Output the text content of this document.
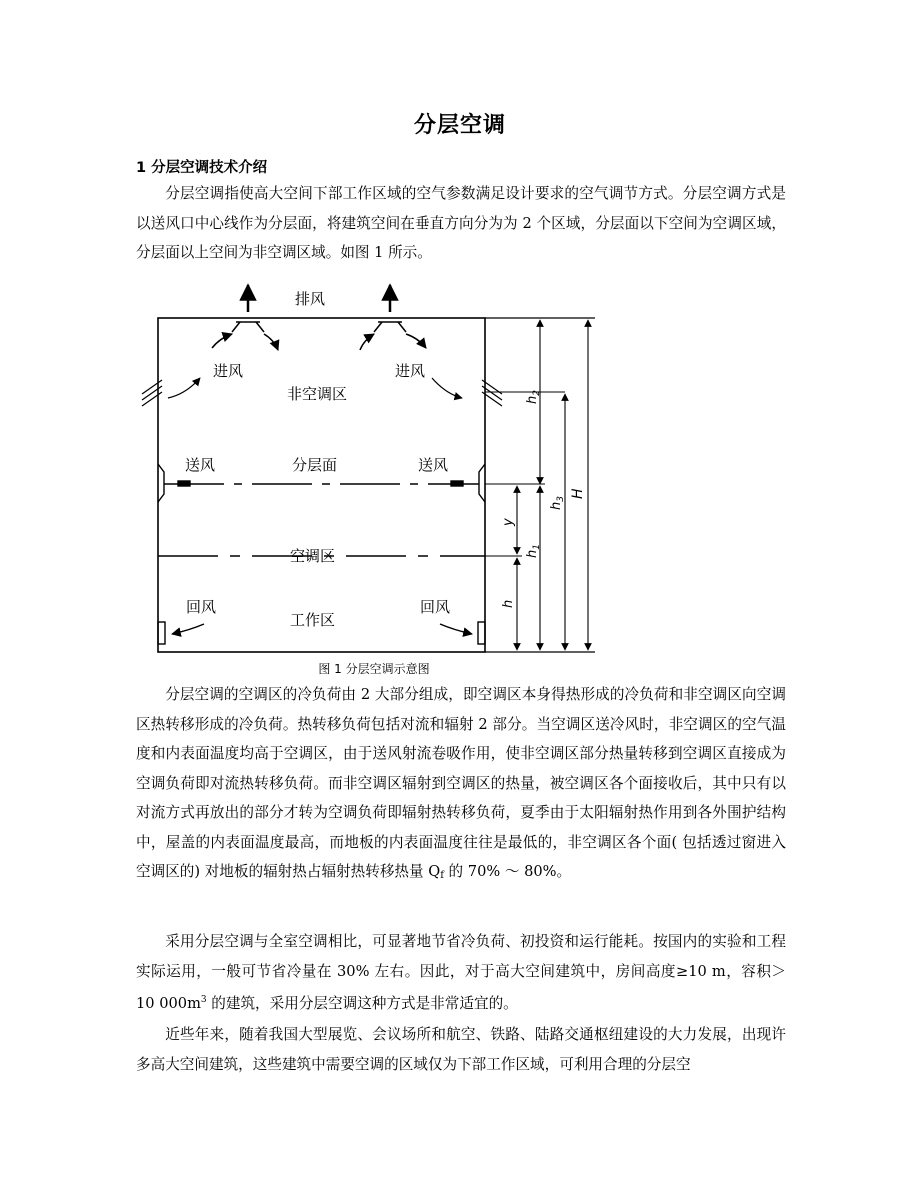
分层空调
1 分层空调技术介绍

分层空调指使高大空间下部工作区域的空气参数满足设计要求的空气调节方式。分层空调方式是以送风口中心线作为分层面，将建筑空间在垂直方向分为为 2 个区域，分层面以下空间为空调区域，分层面以上空间为非空调区域。如图 1 所示。

排风
进风	进风
非空调区
送风	分层面	送风
空调区
回风	回风
工作区
$h_2$
$h_3$ H
y
$h_1$
h
图 1 分层空调示意图

分层空调的空调区的冷负荷由 2 大部分组成，即空调区本身得热形成的冷负荷和非空调区向空调区热转移形成的冷负荷。热转移负荷包括对流和辐射 2 部分。当空调区送冷风时，非空调区的空气温度和内表面温度均高于空调区，由于送风射流卷吸作用，使非空调区部分热量转移到空调区直接成为空调负荷即对流热转移负荷。而非空调区辐射到空调区的热量，被空调区各个面接收后，其中只有以对流方式再放出的部分才转为空调负荷即辐射热转移负荷，夏季由于太阳辐射热作用到各外围护结构中，屋盖的内表面温度最高，而地板的内表面温度往往是最低的，非空调区各个面( 包括透过窗进入空调区的) 对地板的辐射热占辐射热转移热量 $Q_f$ 的 70% ～ 80%。

采用分层空调与全室空调相比，可显著地节省冷负荷、初投资和运行能耗。按国内的实验和工程实际运用，一般可节省冷量在 30% 左右。因此，对于高大空间建筑中，房间高度≥10 m，容积＞ 10 $000m^3$ 的建筑，采用分层空调这种方式是非常适宜的。

近些年来，随着我国大型展览、会议场所和航空、铁路、陆路交通枢纽建设的大力发展，出现许多高大空间建筑，这些建筑中需要空调的区域仅为下部工作区域，可利用合理的分层空
